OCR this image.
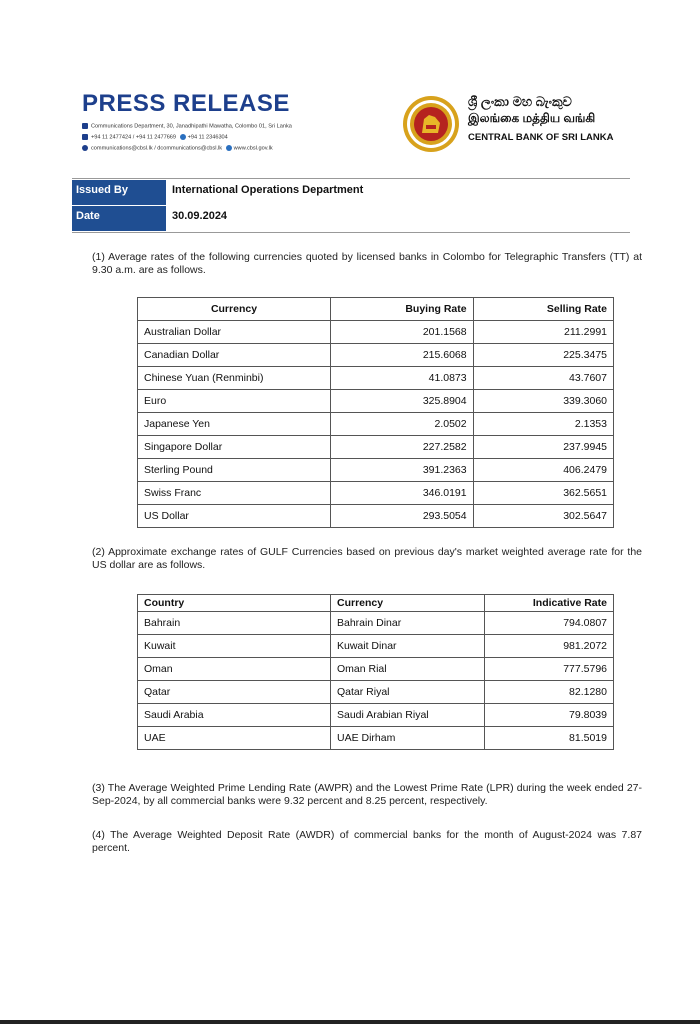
PRESS RELEASE
Communications Department, 30, Janadhipathi Mawatha, Colombo 01, Sri Lanka
+94 11 2477424 / +94 11 2477669 +94 11 2346304
communications@cbsl.lk / dcommunications@cbsl.lk www.cbsl.gov.lk
ශ්‍රී ලංකා මහ බැංකුව
இலங்கை மத்திய வங்கி
CENTRAL BANK OF SRI LANKA
Issued By	International Operations Department
Date	30.09.2024
(1) Average rates of the following currencies quoted by licensed banks in Colombo for Telegraphic Transfers (TT) at 9.30 a.m. are as follows.
Currency	Buying Rate	Selling Rate
Australian Dollar	201.1568	211.2991
Canadian Dollar	215.6068	225.3475
Chinese Yuan (Renminbi)	41.0873	43.7607
Euro	325.8904	339.3060
Japanese Yen	2.0502	2.1353
Singapore Dollar	227.2582	237.9945
Sterling Pound	391.2363	406.2479
Swiss Franc	346.0191	362.5651
US Dollar	293.5054	302.5647
(2) Approximate exchange rates of GULF Currencies based on previous day's market weighted average rate for the US dollar are as follows.
Country	Currency	Indicative Rate
Bahrain	Bahrain Dinar	794.0807
Kuwait	Kuwait Dinar	981.2072
Oman	Oman Rial	777.5796
Qatar	Qatar Riyal	82.1280
Saudi Arabia	Saudi Arabian Riyal	79.8039
UAE	UAE Dirham	81.5019
(3) The Average Weighted Prime Lending Rate (AWPR) and the Lowest Prime Rate (LPR) during the week ended 27-Sep-2024, by all commercial banks were 9.32 percent and 8.25 percent, respectively.
(4) The Average Weighted Deposit Rate (AWDR) of commercial banks for the month of August-2024 was 7.87 percent.
